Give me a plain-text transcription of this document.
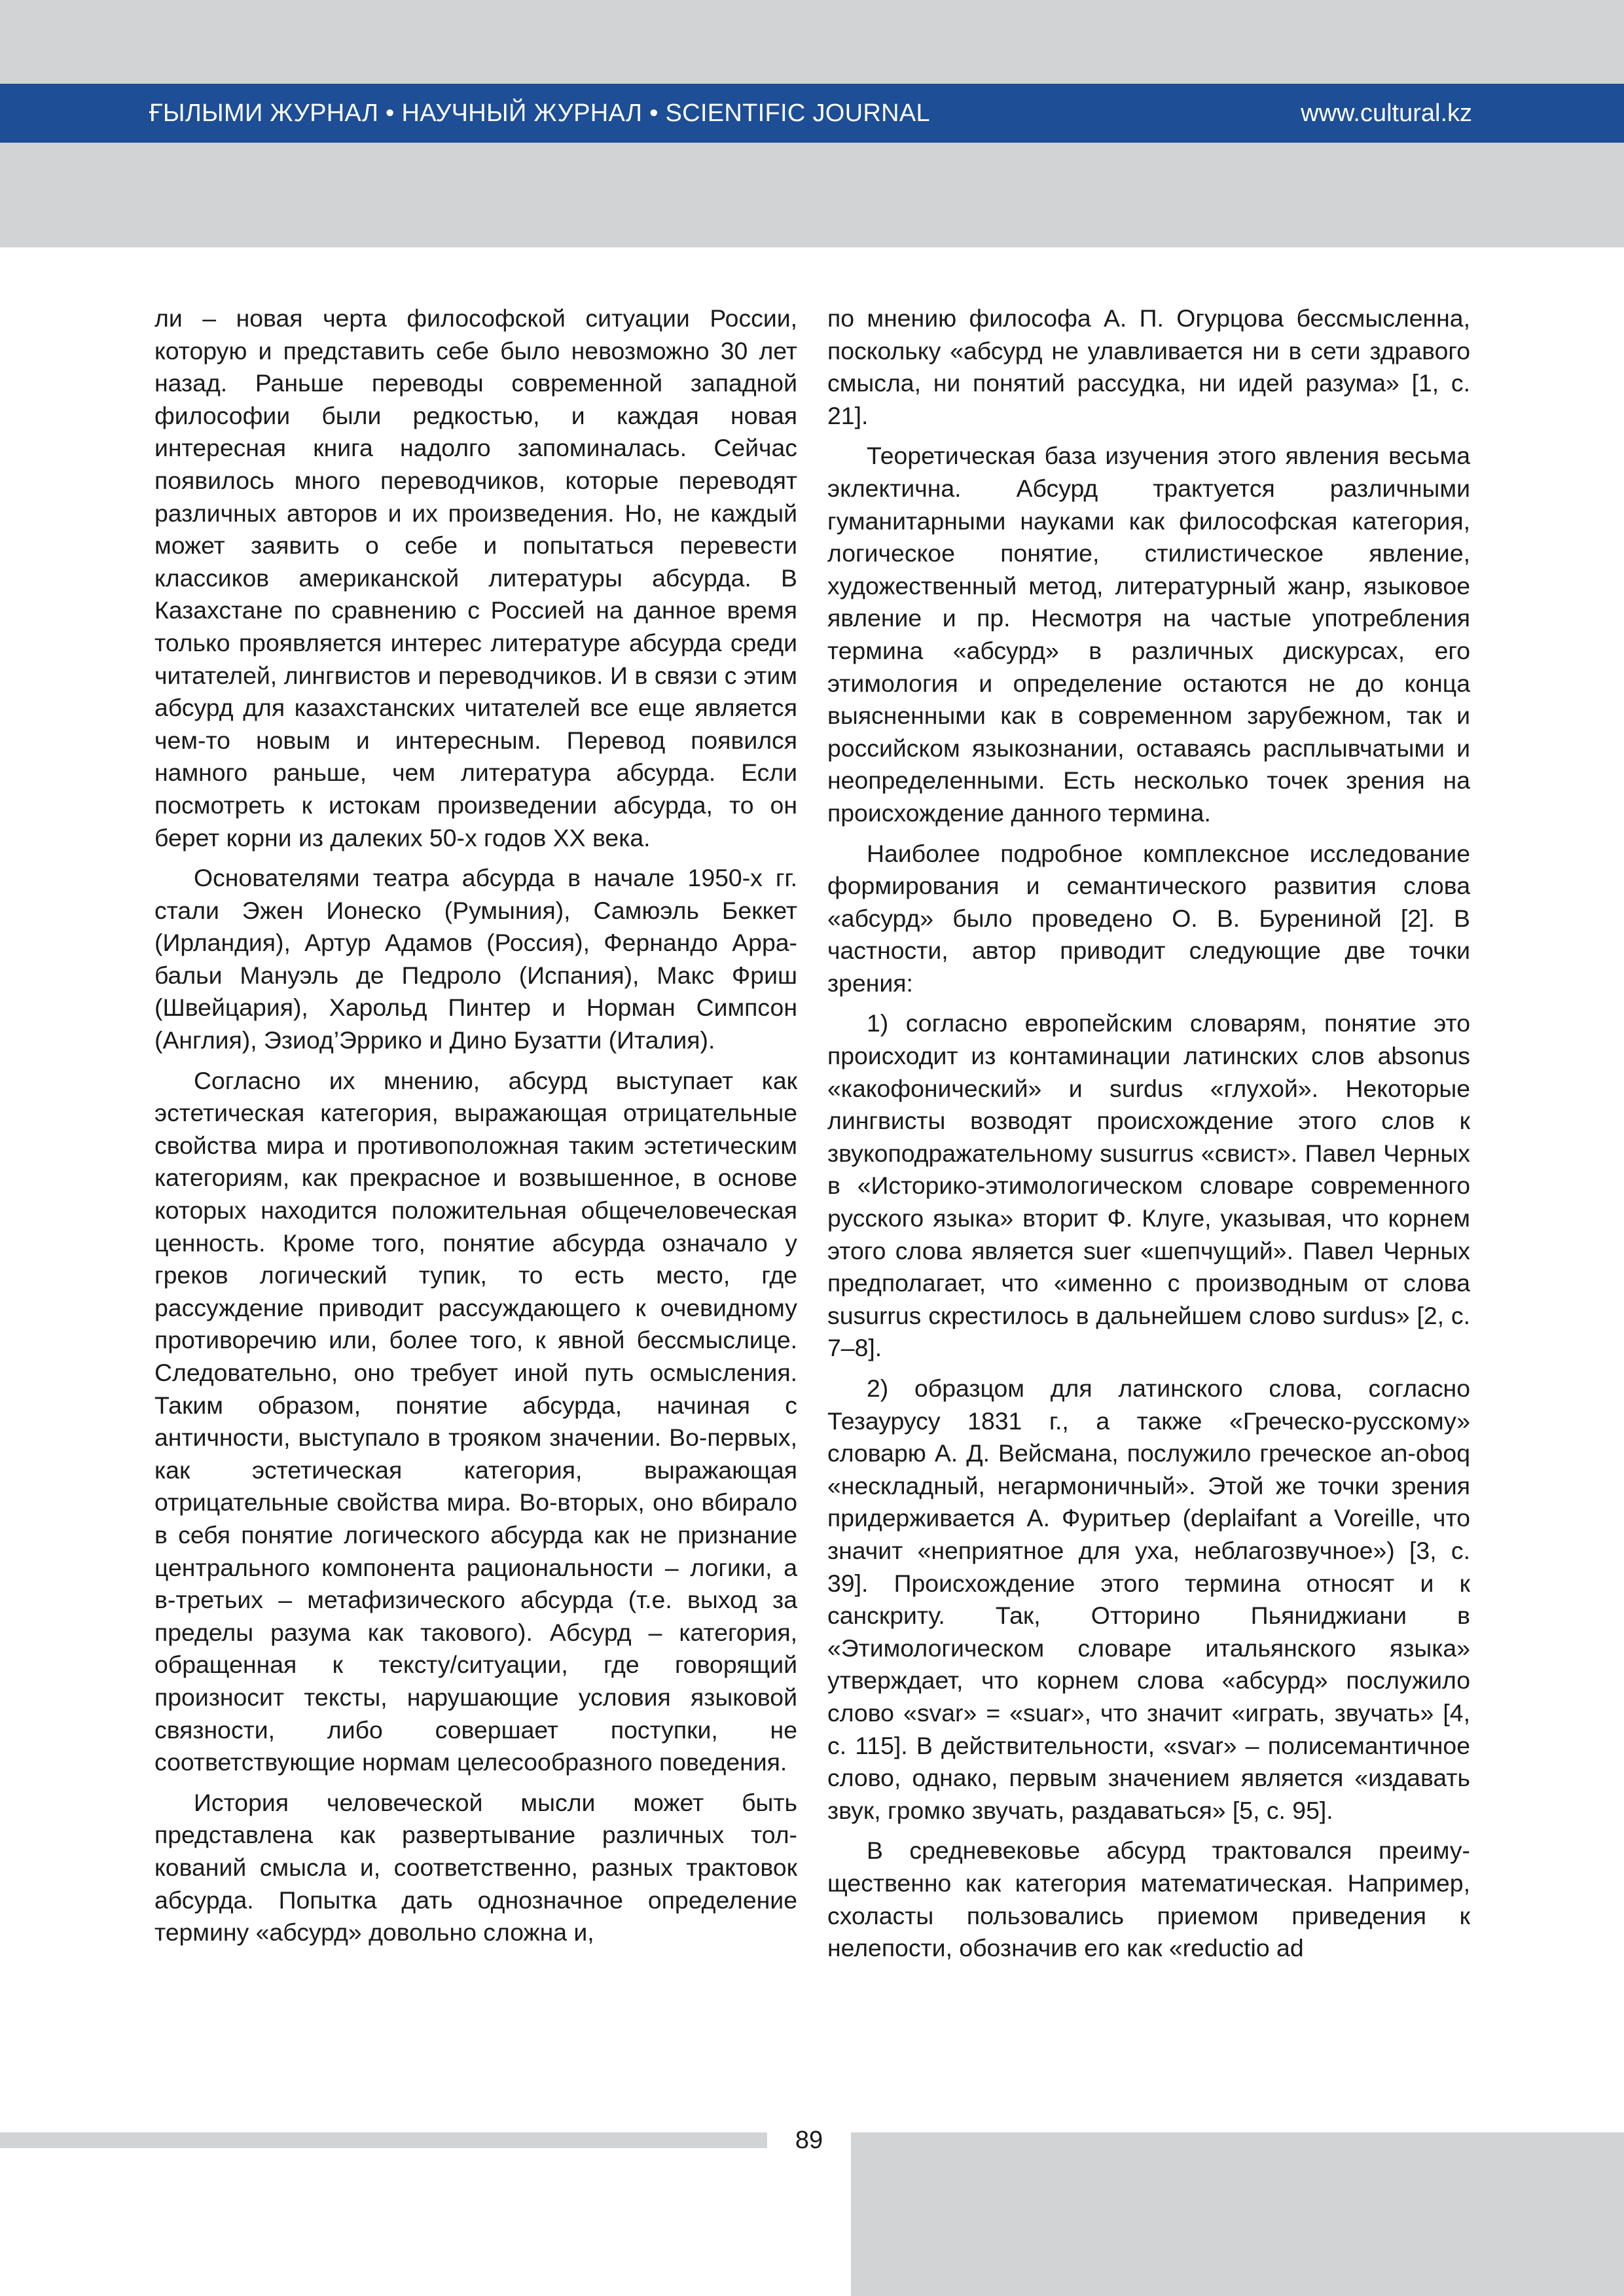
ҒЫЛЫМИ ЖУРНАЛ • НАУЧНЫЙ ЖУРНАЛ • SCIENTIFIC JOURNAL	www.cultural.kz

ли – новая черта философской ситуации России, которую и представить себе было невозможно 30 лет назад. Раньше переводы современной западной философии были редкостью, и каждая новая интересная книга надолго запоминалась. Сейчас появилось много переводчиков, которые переводят различных авторов и их произведения. Но, не каждый может заявить о себе и попытаться перевести классиков американской литературы абсурда. В Казахстане по сравнению с Россией на данное время только проявляется интерес литературе абсурда среди читателей, лингвистов и переводчиков. И в связи с этим абсурд для казахстанских читателей все еще является чем-то новым и интересным. Перевод появился намного раньше, чем литература абсурда. Если посмотреть к истокам произведении абсурда, то он берет корни из далеких 50-х годов XX века.

Основателями театра абсурда в начале 1950-х гг. стали Эжен Ионеско (Румыния), Самюэль Беккет (Ирландия), Артур Адамов (Россия), Фернандо Аррабальи Мануэль де Педроло (Испания), Макс Фриш (Швейцария), Харольд Пинтер и Норман Симпсон (Англия), Эзиод’Эррико и Дино Бузатти (Италия).

Согласно их мнению, абсурд выступает как эстетическая категория, выражающая отрицательные свойства мира и противоположная таким эстетическим категориям, как прекрасное и возвышенное, в основе которых находится положительная общечеловеческая ценность. Кроме того, понятие абсурда означало у греков логический тупик, то есть место, где рассуждение приводит рассуждающего к очевидному противоречию или, более того, к явной бессмыслице. Следовательно, оно требует иной путь осмысления. Таким образом, понятие абсурда, начиная с античности, выступало в трояком значении. Во-первых, как эстетическая категория, выражающая отрицательные свойства мира. Во-вторых, оно вбирало в себя понятие логического абсурда как не признание центрального компонента рациональности – логики, а в-третьих – метафизического абсурда (т.е. выход за пределы разума как такового). Абсурд – категория, обращенная к тексту/ситуации, где говорящий произносит тексты, нарушающие условия языковой связности, либо совершает поступки, не соответствующие нормам целесообразного поведения.

История человеческой мысли может быть представлена как развертывание различных толкований смысла и, соответственно, разных трактовок абсурда. Попытка дать однозначное определение термину «абсурд» довольно сложна и,

по мнению философа А. П. Огурцова бессмысленна, поскольку «абсурд не улавливается ни в сети здравого смысла, ни понятий рассудка, ни идей разума» [1, c. 21].

Теоретическая база изучения этого явления весьма эклектична. Абсурд трактуется различными гуманитарными науками как философская категория, логическое понятие, стилистическое явление, художественный метод, литературный жанр, языковое явление и пр. Несмотря на частые употребления термина «абсурд» в различных дискурсах, его этимология и определение остаются не до конца выясненными как в современном зарубежном, так и российском языкознании, оставаясь расплывчатыми и неопределенными. Есть несколько точек зрения на происхождение данного термина.

Наиболее подробное комплексное исследование формирования и семантического развития слова «абсурд» было проведено О. В. Бурениной [2]. В частности, автор приводит следующие две точки зрения:

1) согласно европейским словарям, понятие это происходит из контаминации латинских слов absonus «какофонический» и surdus «глухой». Некоторые лингвисты возводят происхождение этого слов к звукоподражательному susurrus «свист». Павел Черных в «Историко-этимологическом словаре современного русского языка» вторит Ф. Клуге, указывая, что корнем этого слова является suer «шепчущий». Павел Черных предполагает, что «именно с производным от слова susurrus скрестилось в дальнейшем слово surdus» [2, c. 7–8].

2) образцом для латинского слова, согласно Тезаурусу 1831 г., а также «Греческо-русскому» словарю А. Д. Вейсмана, послужило греческое an-oboq «нескладный, негармоничный». Этой же точки зрения придерживается А. Фуритьер (deplaifant a Voreille, что значит «неприятное для уха, неблагозвучное») [3, c. 39]. Происхождение этого термина относят и к санскриту. Так, Отторино Пьяниджиани в «Этимологическом словаре итальянского языка» утверждает, что корнем слова «абсурд» послужило слово «svar» = «suar», что значит «играть, звучать» [4, c. 115]. В действительности, «svar» – полисемантичное слово, однако, первым значением является «издавать звук, громко звучать, раздаваться» [5, c. 95].

В средневековье абсурд трактовался преимущественно как категория математическая. Например, схоласты пользовались приемом приведения к нелепости, обозначив его как «reductio ad

89
